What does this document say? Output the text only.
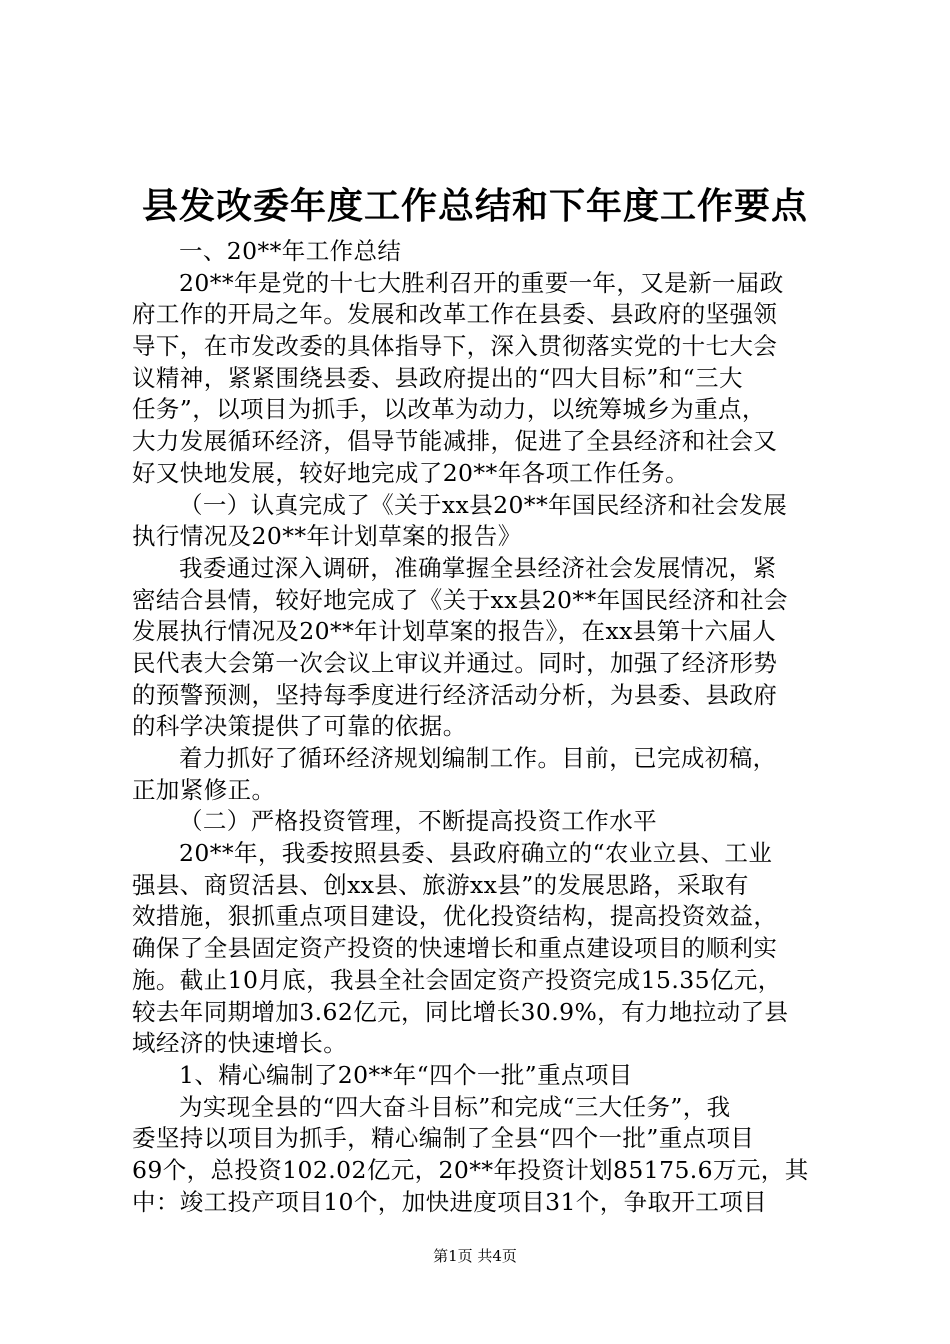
县发改委年度工作总结和下年度工作要点
一、20**年工作总结
20**年是党的十七大胜利召开的重要一年，又是新一届政
府工作的开局之年。发展和改革工作在县委、县政府的坚强领
导下，在市发改委的具体指导下，深入贯彻落实党的十七大会
议精神，紧紧围绕县委、县政府提出的“四大目标”和“三大
任务”，以项目为抓手，以改革为动力，以统筹城乡为重点，
大力发展循环经济，倡导节能减排，促进了全县经济和社会又
好又快地发展，较好地完成了20**年各项工作任务。
（一）认真完成了《关于xx县20**年国民经济和社会发展
执行情况及20**年计划草案的报告》
我委通过深入调研，准确掌握全县经济社会发展情况，紧
密结合县情，较好地完成了《关于xx县20**年国民经济和社会
发展执行情况及20**年计划草案的报告》，在xx县第十六届人
民代表大会第一次会议上审议并通过。同时，加强了经济形势
的预警预测，坚持每季度进行经济活动分析，为县委、县政府
的科学决策提供了可靠的依据。
着力抓好了循环经济规划编制工作。目前，已完成初稿，
正加紧修正。
（二）严格投资管理，不断提高投资工作水平
20**年，我委按照县委、县政府确立的“农业立县、工业
强县、商贸活县、创xx县、旅游xx县”的发展思路，采取有
效措施，狠抓重点项目建设，优化投资结构，提高投资效益，
确保了全县固定资产投资的快速增长和重点建设项目的顺利实
施。截止10月底，我县全社会固定资产投资完成15.35亿元，
较去年同期增加3.62亿元，同比增长30.9%，有力地拉动了县
域经济的快速增长。
1、精心编制了20**年“四个一批”重点项目
为实现全县的“四大奋斗目标”和完成“三大任务”，我
委坚持以项目为抓手，精心编制了全县“四个一批”重点项目
69个，总投资102.02亿元，20**年投资计划85175.6万元，其
中：竣工投产项目10个，加快进度项目31个，争取开工项目
第1页 共4页
